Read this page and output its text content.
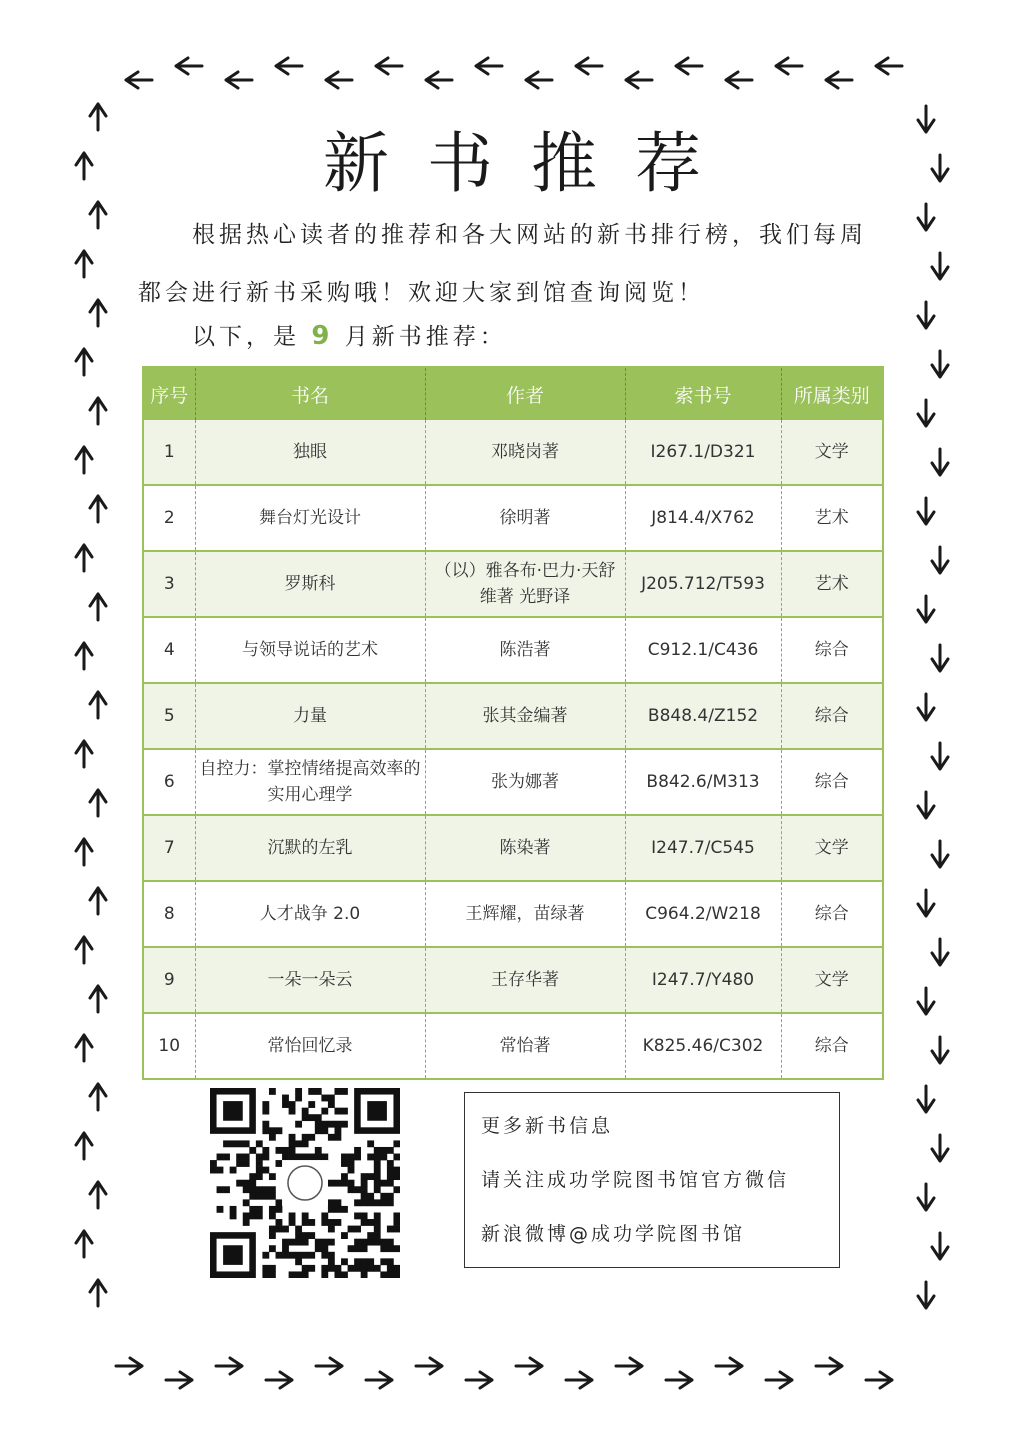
新书推荐
根据热心读者的推荐和各大网站的新书排行榜，我们每周
都会进行新书采购哦！欢迎大家到馆查询阅览！
以下，是 9 月新书推荐：
序号	书名	作者	索书号	所属类别
1	独眼	邓晓岗著	I267.1/D321	文学
2	舞台灯光设计	徐明著	J814.4/X762	艺术
3	罗斯科	（以）雅各布·巴力·天舒维著 光野译	J205.712/T593	艺术
4	与领导说话的艺术	陈浩著	C912.1/C436	综合
5	力量	张其金编著	B848.4/Z152	综合
6	自控力：掌控情绪提高效率的实用心理学	张为娜著	B842.6/M313	综合
7	沉默的左乳	陈染著	I247.7/C545	文学
8	人才战争 2.0	王辉耀，苗绿著	C964.2/W218	综合
9	一朵一朵云	王存华著	I247.7/Y480	文学
10	常怡回忆录	常怡著	K825.46/C302	综合
更多新书信息
请关注成功学院图书馆官方微信
新浪微博@成功学院图书馆
